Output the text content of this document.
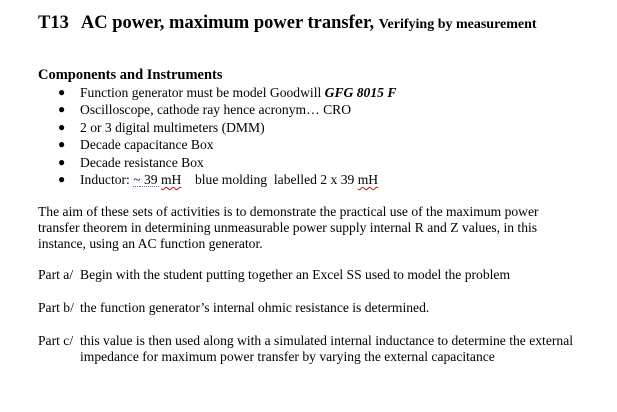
T13 AC power, maximum power transfer, Verifying by measurement
Components and Instruments
● Function generator must be model Goodwill GFG 8015 F
● Oscilloscope, cathode ray hence acronym… CRO
● 2 or 3 digital multimeters (DMM)
● Decade capacitance Box
● Decade resistance Box
● Inductor: ~ 39 mH    blue molding  labelled 2 x 39 mH
The aim of these sets of activities is to demonstrate the practical use of the maximum power
transfer theorem in determining unmeasurable power supply internal R and Z values, in this
instance, using an AC function generator.
Part a/ Begin with the student putting together an Excel SS used to model the problem
Part b/ the function generator’s internal ohmic resistance is determined.
Part c/ this value is then used along with a simulated internal inductance to determine the external
impedance for maximum power transfer by varying the external capacitance
